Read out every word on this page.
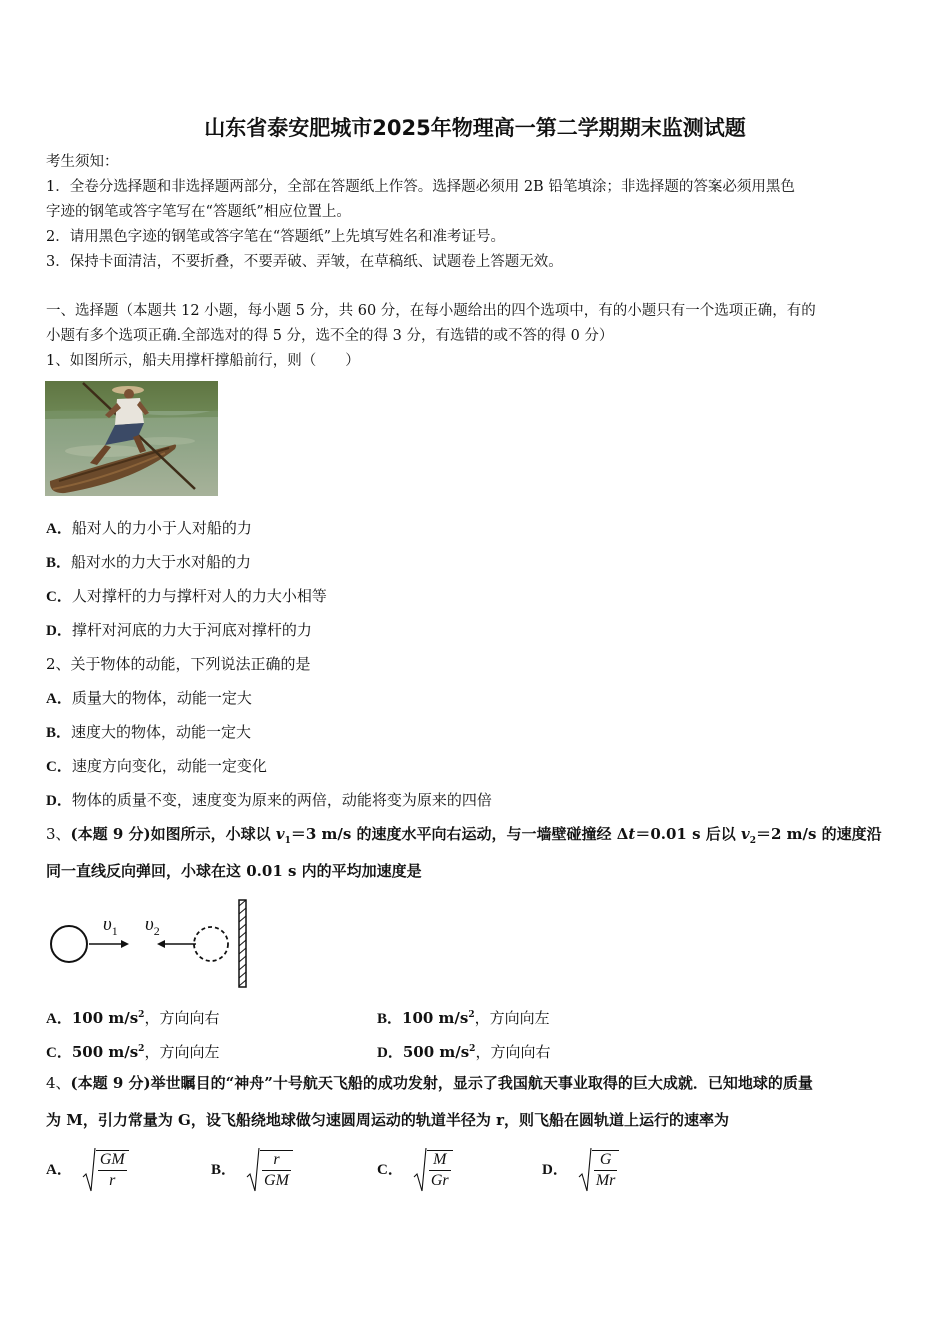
山东省泰安肥城市2025年物理高一第二学期期末监测试题
考生须知：
1．全卷分选择题和非选择题两部分，全部在答题纸上作答。选择题必须用 2B 铅笔填涂；非选择题的答案必须用黑色
字迹的钢笔或答字笔写在“答题纸”相应位置上。
2．请用黑色字迹的钢笔或答字笔在“答题纸”上先填写姓名和准考证号。
3．保持卡面清洁，不要折叠，不要弄破、弄皱，在草稿纸、试题卷上答题无效。
一、选择题（本题共 12 小题，每小题 5 分，共 60 分，在每小题给出的四个选项中，有的小题只有一个选项正确，有的
小题有多个选项正确.全部选对的得 5 分，选不全的得 3 分，有选错的或不答的得 0 分）
1、如图所示，船夫用撑杆撑船前行，则（　　）
A．船对人的力小于人对船的力
B．船对水的力大于水对船的力
C．人对撑杆的力与撑杆对人的力大小相等
D．撑杆对河底的力大于河底对撑杆的力
2、关于物体的动能，下列说法正确的是
A．质量大的物体，动能一定大
B．速度大的物体，动能一定大
C．速度方向变化，动能一定变化
D．物体的质量不变，速度变为原来的两倍，动能将变为原来的四倍
3、(本题 9 分)如图所示，小球以 $v_1=3$ m/s 的速度水平向右运动，与一墙壁碰撞经 Δt＝0.01 s 后以 $v_2=2$ m/s 的速度沿
同一直线反向弹回，小球在这 0.01 s 内的平均加速度是
$\upsilon_1$ $\upsilon_2$
A．100 $m/s^2$，方向向右	B．100 $m/s^2$，方向向左
C．500 $m/s^2$，方向向左	D．500 $m/s^2$，方向向右
4、(本题 9 分)举世瞩目的“神舟”十号航天飞船的成功发射，显示了我国航天事业取得的巨大成就．已知地球的质量
为 M，引力常量为 G，设飞船绕地球做匀速圆周运动的轨道半径为 r，则飞船在圆轨道上运行的速率为
A． $\frac{GM}{r}$	B． $\frac{r}{GM}$	C． $\frac{M}{Gr}$	D． $\frac{G}{Mr}$
